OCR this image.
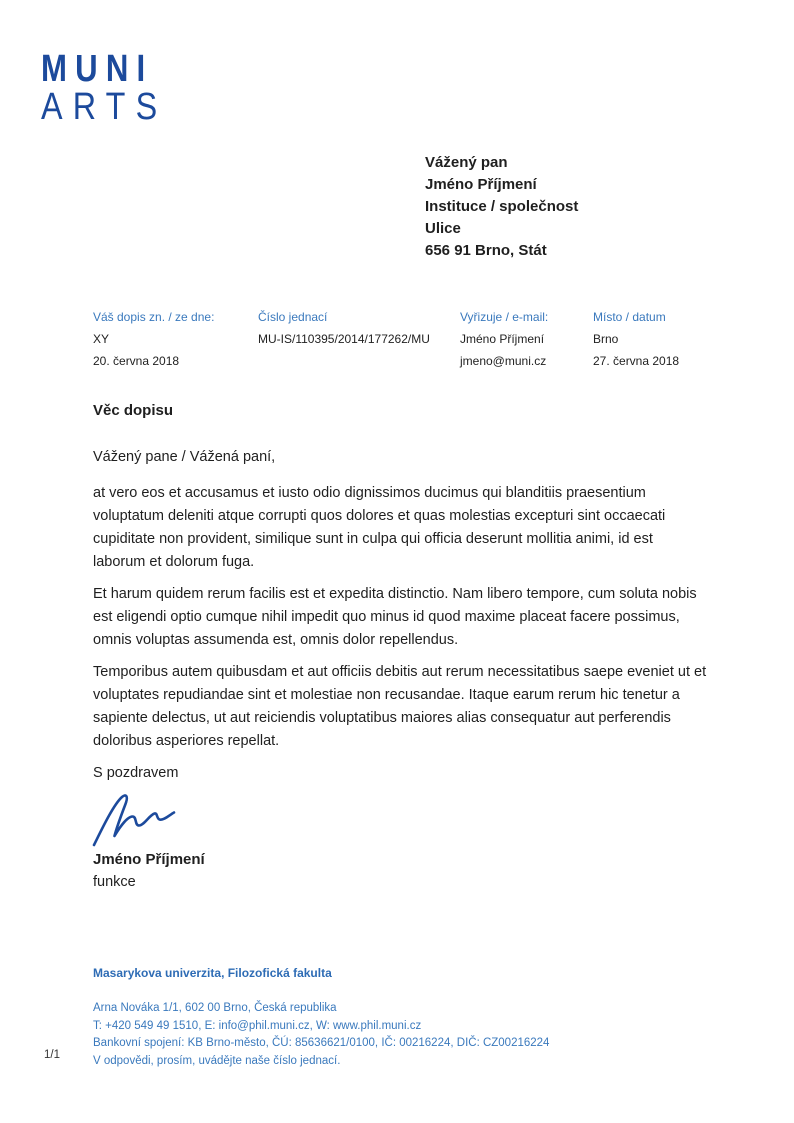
MUNI
ARTS
Vážený pan
Jméno Příjmení
Instituce / společnost
Ulice
656 91 Brno, Stát
Váš dopis zn. / ze dne:
XY
20. června 2018
Číslo jednací
MU-IS/110395/2014/177262/MU
Vyřizuje / e-mail:
Jméno Příjmení
jmeno@muni.cz
Místo / datum
Brno
27. června 2018
Věc dopisu
Vážený pane / Vážená paní,

at vero eos et accusamus et iusto odio dignissimos ducimus qui blanditiis praesentium voluptatum deleniti atque corrupti quos dolores et quas molestias excepturi sint occaecati cupiditate non provident, similique sunt in culpa qui officia deserunt mollitia animi, id est laborum et dolorum fuga.

Et harum quidem rerum facilis est et expedita distinctio. Nam libero tempore, cum soluta nobis est eligendi optio cumque nihil impedit quo minus id quod maxime placeat facere possimus, omnis voluptas assumenda est, omnis dolor repellendus.

Temporibus autem quibusdam et aut officiis debitis aut rerum necessitatibus saepe eveniet ut et voluptates repudiandae sint et molestiae non recusandae. Itaque earum rerum hic tenetur a sapiente delectus, ut aut reiciendis voluptatibus maiores alias consequatur aut perferendis doloribus asperiores repellat.

S pozdravem
Jméno Příjmení
funkce
Masarykova univerzita, Filozofická fakulta
Arna Nováka 1/1, 602 00 Brno, Česká republika
T: +420 549 49 1510, E: info@phil.muni.cz, W: www.phil.muni.cz
Bankovní spojení: KB Brno-město, ČÚ: 85636621/0100, IČ: 00216224, DIČ: CZ00216224
V odpovědi, prosím, uvádějte naše číslo jednací.
1/1
